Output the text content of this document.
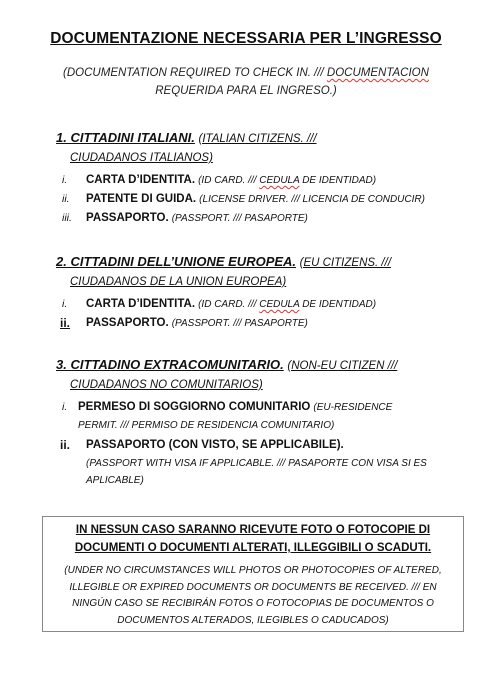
DOCUMENTAZIONE NECESSARIA PER L’INGRESSO
(DOCUMENTATION REQUIRED TO CHECK IN. /// DOCUMENTACION
REQUERIDA PARA EL INGRESO.)
1. CITTADINI ITALIANI. (ITALIAN CITIZENS. ///
CIUDADANOS ITALIANOS)
i. CARTA D’IDENTITA. (ID CARD. /// CEDULA DE IDENTIDAD)
ii. PATENTE DI GUIDA. (LICENSE DRIVER. /// LICENCIA DE CONDUCIR)
iii. PASSAPORTO. (PASSPORT. /// PASAPORTE)
2. CITTADINI DELL’UNIONE EUROPEA. (EU CITIZENS. ///
CIUDADANOS DE LA UNION EUROPEA)
i. CARTA D’IDENTITA. (ID CARD. /// CEDULA DE IDENTIDAD)
ii. PASSAPORTO. (PASSPORT. /// PASAPORTE)
3. CITTADINO EXTRACOMUNITARIO. (NON-EU CITIZEN ///
CIUDADANOS NO COMUNITARIOS)
i. PERMESO DI SOGGIORNO COMUNITARIO (EU-RESIDENCE
PERMIT. /// PERMISO DE RESIDENCIA COMUNITARIO)
ii. PASSAPORTO (CON VISTO, SE APPLICABILE).
(PASSPORT WITH VISA IF APPLICABLE. /// PASAPORTE CON VISA SI ES
APLICABLE)
IN NESSUN CASO SARANNO RICEVUTE FOTO O FOTOCOPIE DI
DOCUMENTI O DOCUMENTI ALTERATI, ILLEGGIBILI O SCADUTI.
(UNDER NO CIRCUMSTANCES WILL PHOTOS OR PHOTOCOPIES OF ALTERED,
ILLEGIBLE OR EXPIRED DOCUMENTS OR DOCUMENTS BE RECEIVED. /// EN
NINGÚN CASO SE RECIBIRÁN FOTOS O FOTOCOPIAS DE DOCUMENTOS O
DOCUMENTOS ALTERADOS, ILEGIBLES O CADUCADOS)
